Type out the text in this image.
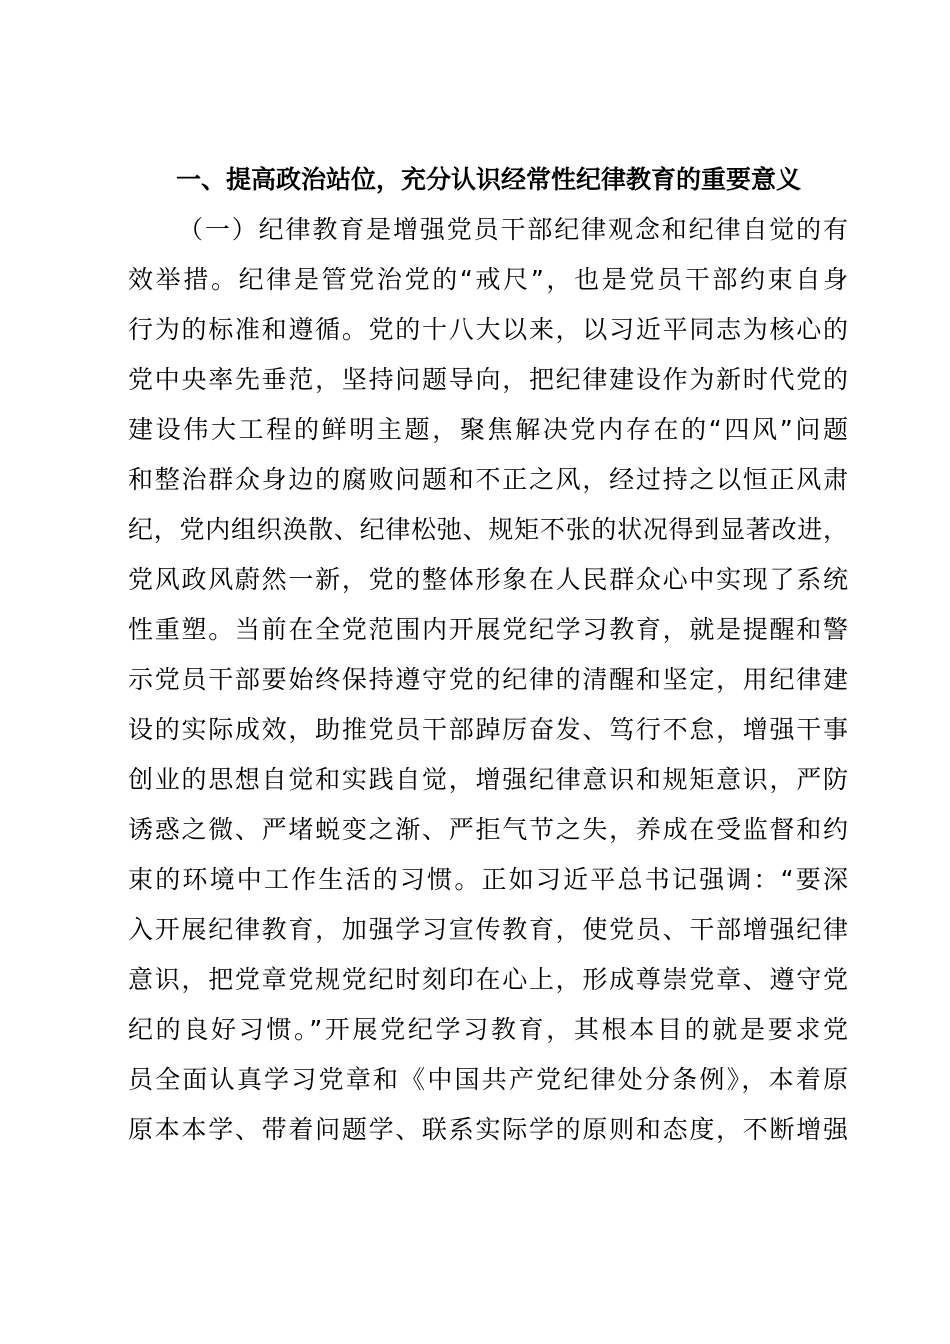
一、提高政治站位，充分认识经常性纪律教育的重要意义
（一）纪律教育是增强党员干部纪律观念和纪律自觉的有
效举措。纪律是管党治党的“戒尺”，也是党员干部约束自身
行为的标准和遵循。党的十八大以来，以习近平同志为核心的
党中央率先垂范，坚持问题导向，把纪律建设作为新时代党的
建设伟大工程的鲜明主题，聚焦解决党内存在的“四风”问题
和整治群众身边的腐败问题和不正之风，经过持之以恒正风肃
纪，党内组织涣散、纪律松弛、规矩不张的状况得到显著改进，
党风政风蔚然一新，党的整体形象在人民群众心中实现了系统
性重塑。当前在全党范围内开展党纪学习教育，就是提醒和警
示党员干部要始终保持遵守党的纪律的清醒和坚定，用纪律建
设的实际成效，助推党员干部踔厉奋发、笃行不怠，增强干事
创业的思想自觉和实践自觉，增强纪律意识和规矩意识，严防
诱惑之微、严堵蜕变之渐、严拒气节之失，养成在受监督和约
束的环境中工作生活的习惯。正如习近平总书记强调：“要深
入开展纪律教育，加强学习宣传教育，使党员、干部增强纪律
意识，把党章党规党纪时刻印在心上，形成尊崇党章、遵守党
纪的良好习惯。”开展党纪学习教育，其根本目的就是要求党
员全面认真学习党章和《中国共产党纪律处分条例》，本着原
原本本学、带着问题学、联系实际学的原则和态度，不断增强
